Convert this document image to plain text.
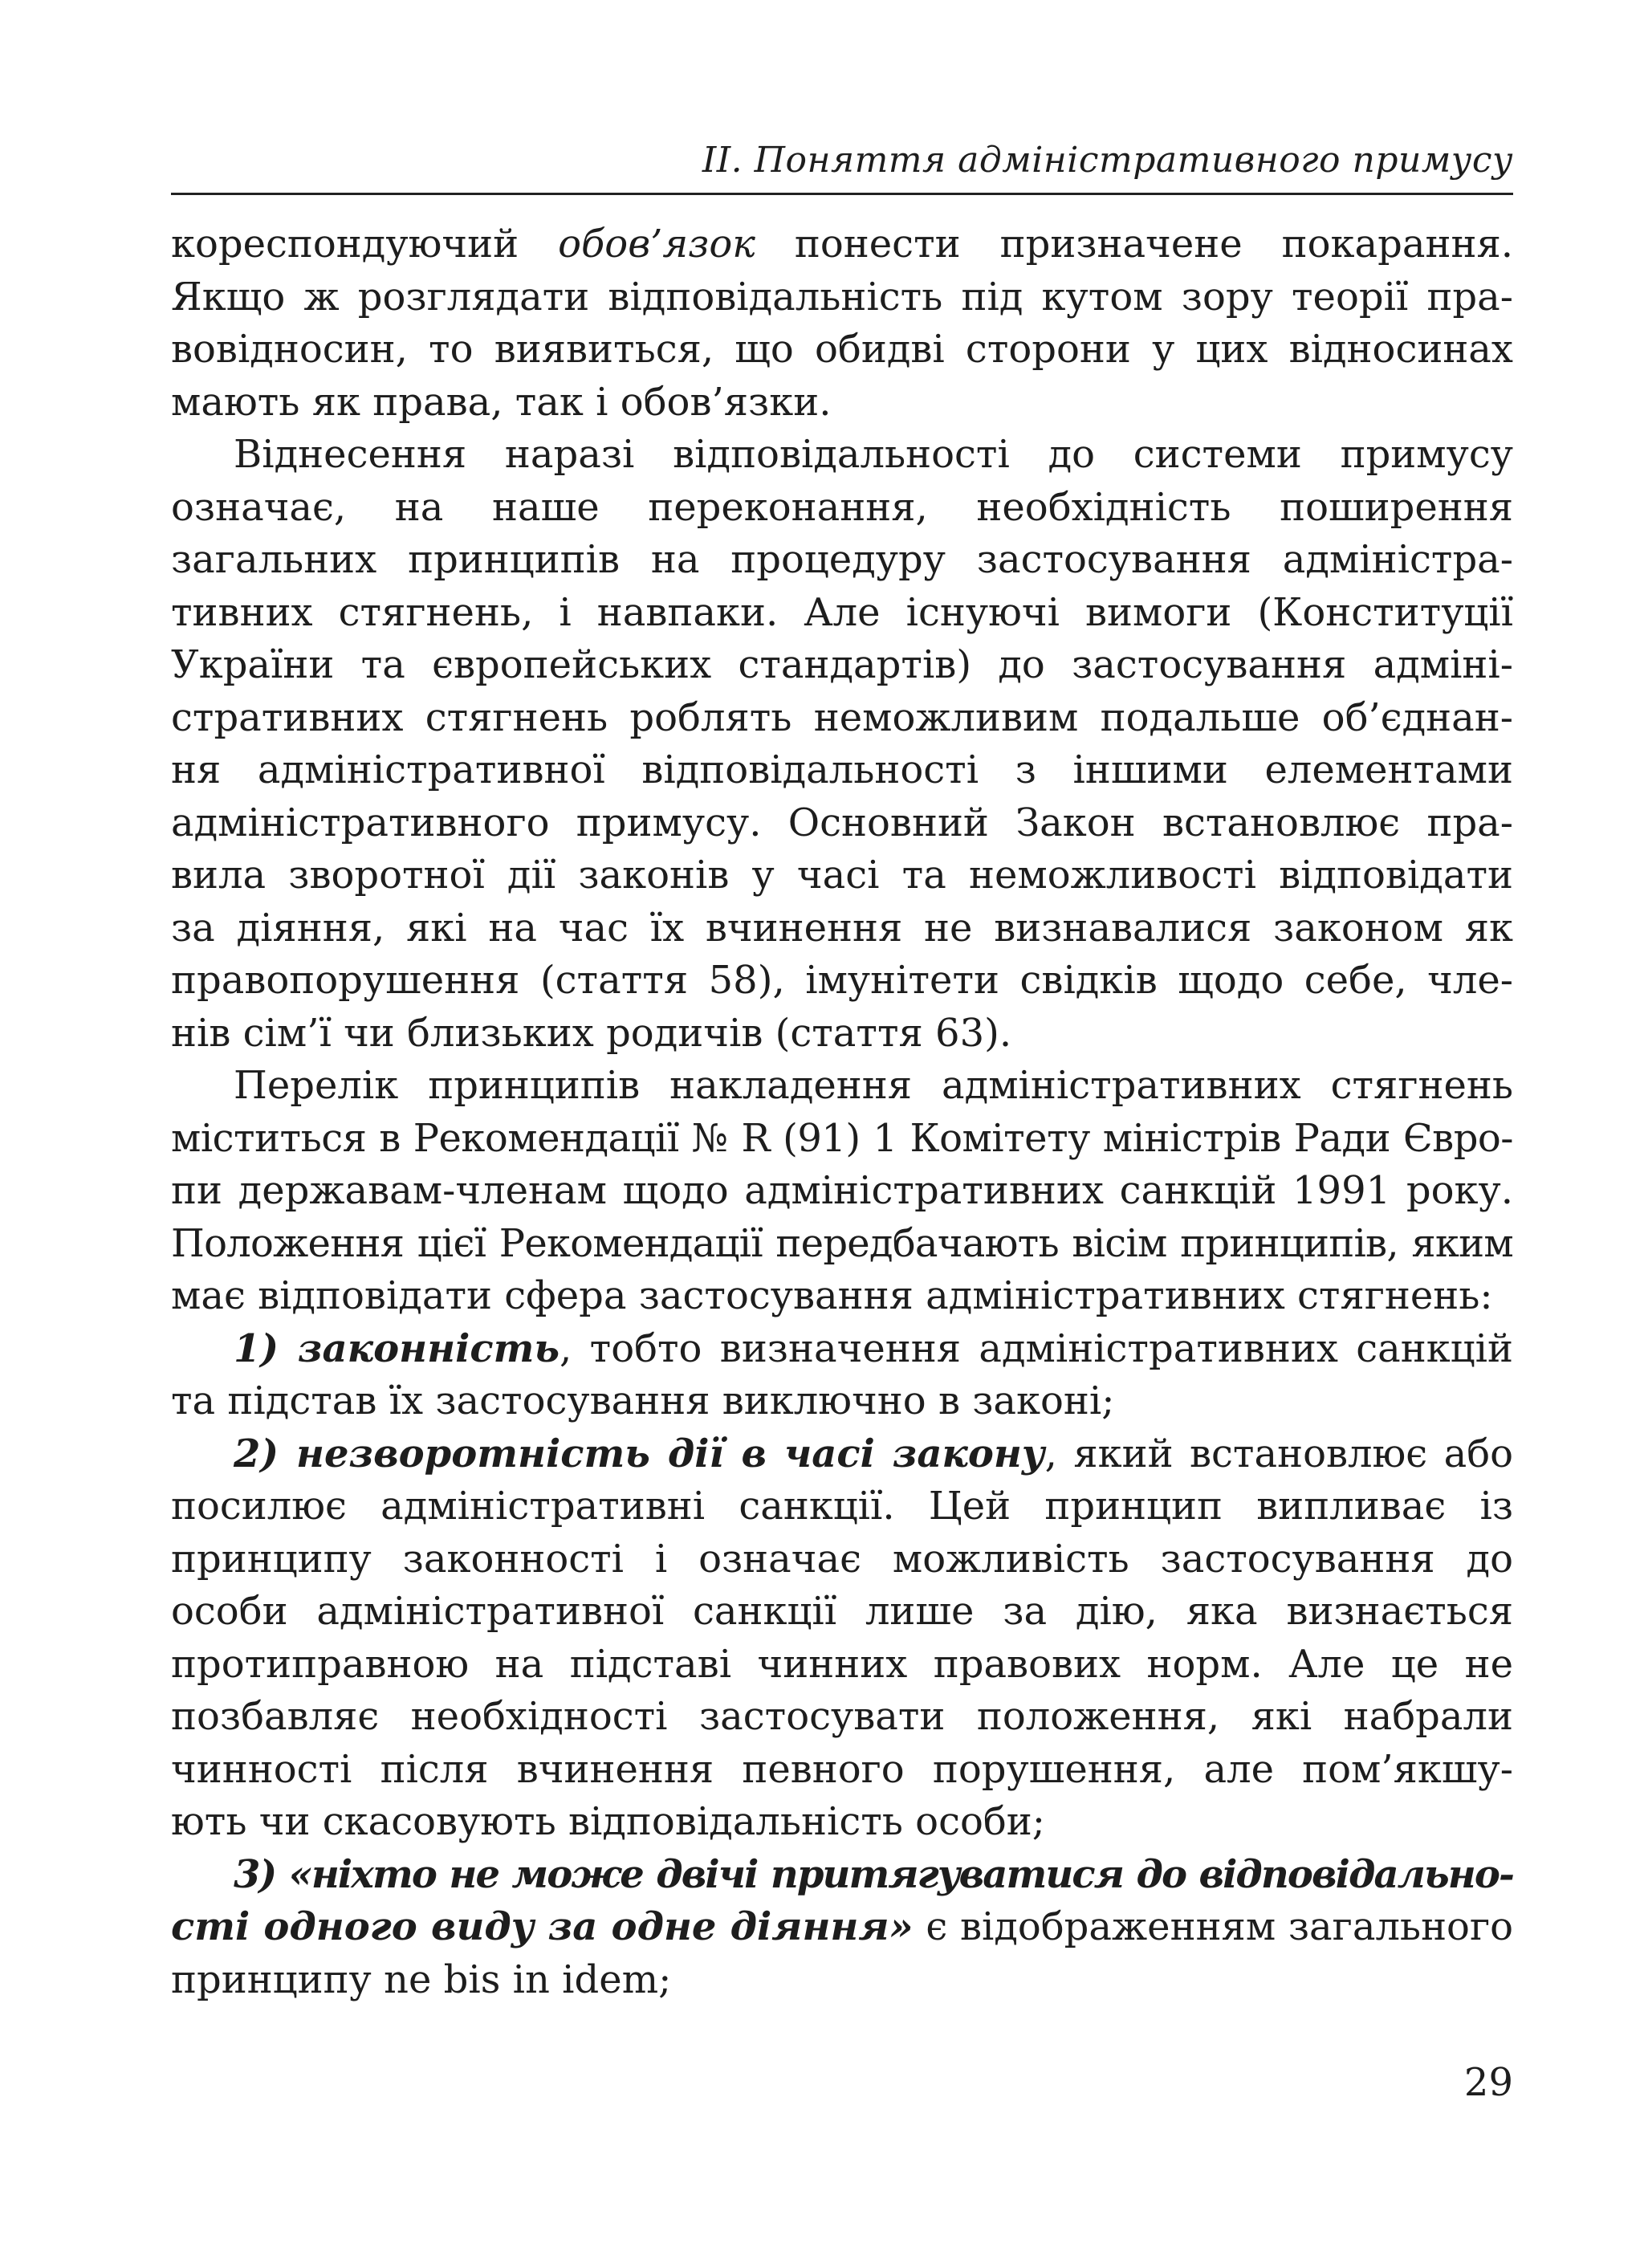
II. Поняття адміністративного примусу
кореспондуючий обов’язок понести призначене покарання.
Якщо ж розглядати відповідальність під кутом зору теорії пра-
вовідносин, то виявиться, що обидві сторони у цих відносинах
мають як права, так і обов’язки.
Віднесення наразі відповідальності до системи примусу
означає, на наше переконання, необхідність поширення
загальних принципів на процедуру застосування адміністра-
тивних стягнень, і навпаки. Але існуючі вимоги (Конституції
України та європейських стандартів) до застосування адміні-
стративних стягнень роблять неможливим подальше об’єднан-
ня адміністративної відповідальності з іншими елементами
адміністративного примусу. Основний Закон встановлює пра-
вила зворотної дії законів у часі та неможливості відповідати
за діяння, які на час їх вчинення не визнавалися законом як
правопорушення (стаття 58), імунітети свідків щодо себе, чле-
нів сім’ї чи близьких родичів (стаття 63).
Перелік принципів накладення адміністративних стягнень
міститься в Рекомендації № R (91) 1 Комітету міністрів Ради Євро-
пи державам-членам щодо адміністративних санкцій 1991 року.
Положення цієї Рекомендації передбачають вісім принципів, яким
має відповідати сфера застосування адміністративних стягнень:
1) законність, тобто визначення адміністративних санкцій
та підстав їх застосування виключно в законі;
2) незворотність дії в часі закону, який встановлює або
посилює адміністративні санкції. Цей принцип випливає із
принципу законності і означає можливість застосування до
особи адміністративної санкції лише за дію, яка визнається
протиправною на підставі чинних правових норм. Але це не
позбавляє необхідності застосувати положення, які набрали
чинності після вчинення певного порушення, але пом’якшу-
ють чи скасовують відповідальність особи;
3) «ніхто не може двічі притягуватися до відповідально-
сті одного виду за одне діяння» є відображенням загального
принципу ne bis in idem;
29
